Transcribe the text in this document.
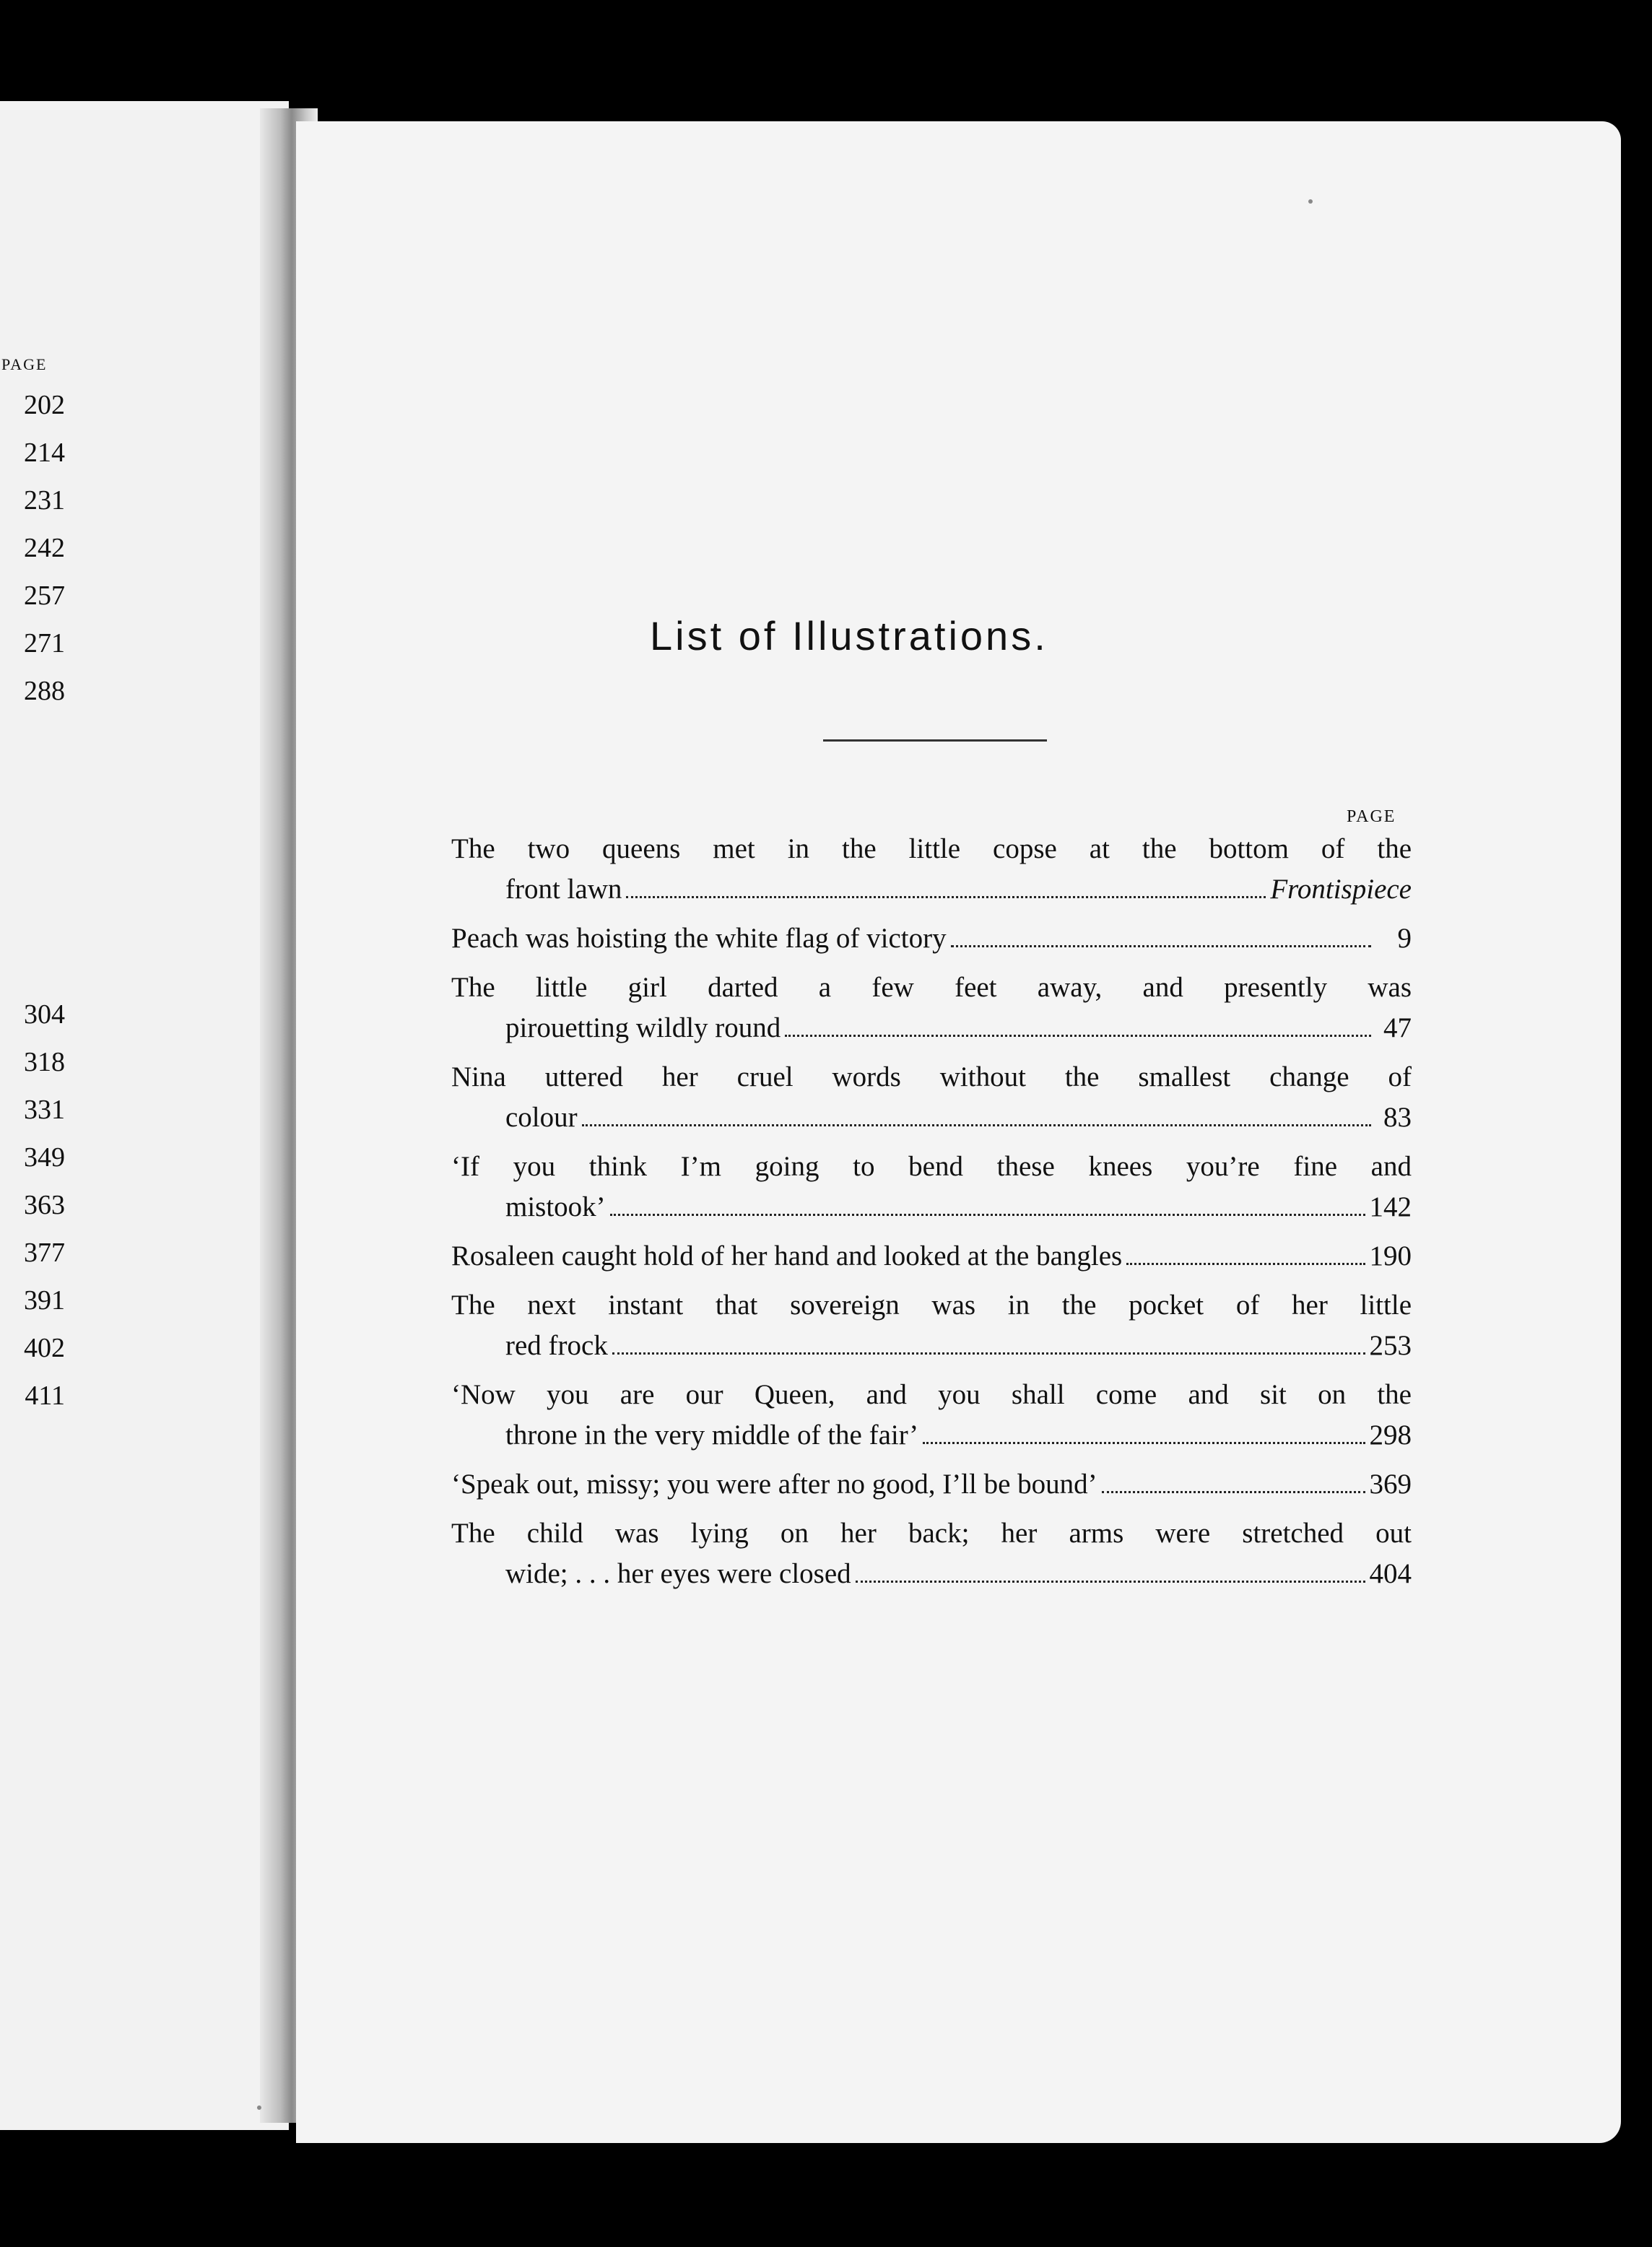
PAGE
202
214
231
242
257
271
288
304
318
331
349
363
377
391
402
411
List of Illustrations.
PAGE
The two queens met in the little copse at the bottom of the
front lawn	Frontispiece
Peach was hoisting the white flag of victory	9
The little girl darted a few feet away, and presently was
pirouetting wildly round	47
Nina uttered her cruel words without the smallest change of
colour	83
‘If you think I’m going to bend these knees you’re fine and
mistook’	142
Rosaleen caught hold of her hand and looked at the bangles	190
The next instant that sovereign was in the pocket of her little
red frock	253
‘Now you are our Queen, and you shall come and sit on the
throne in the very middle of the fair’	298
‘Speak out, missy; you were after no good, I’ll be bound’	369
The child was lying on her back; her arms were stretched out
wide; . . . her eyes were closed	404
